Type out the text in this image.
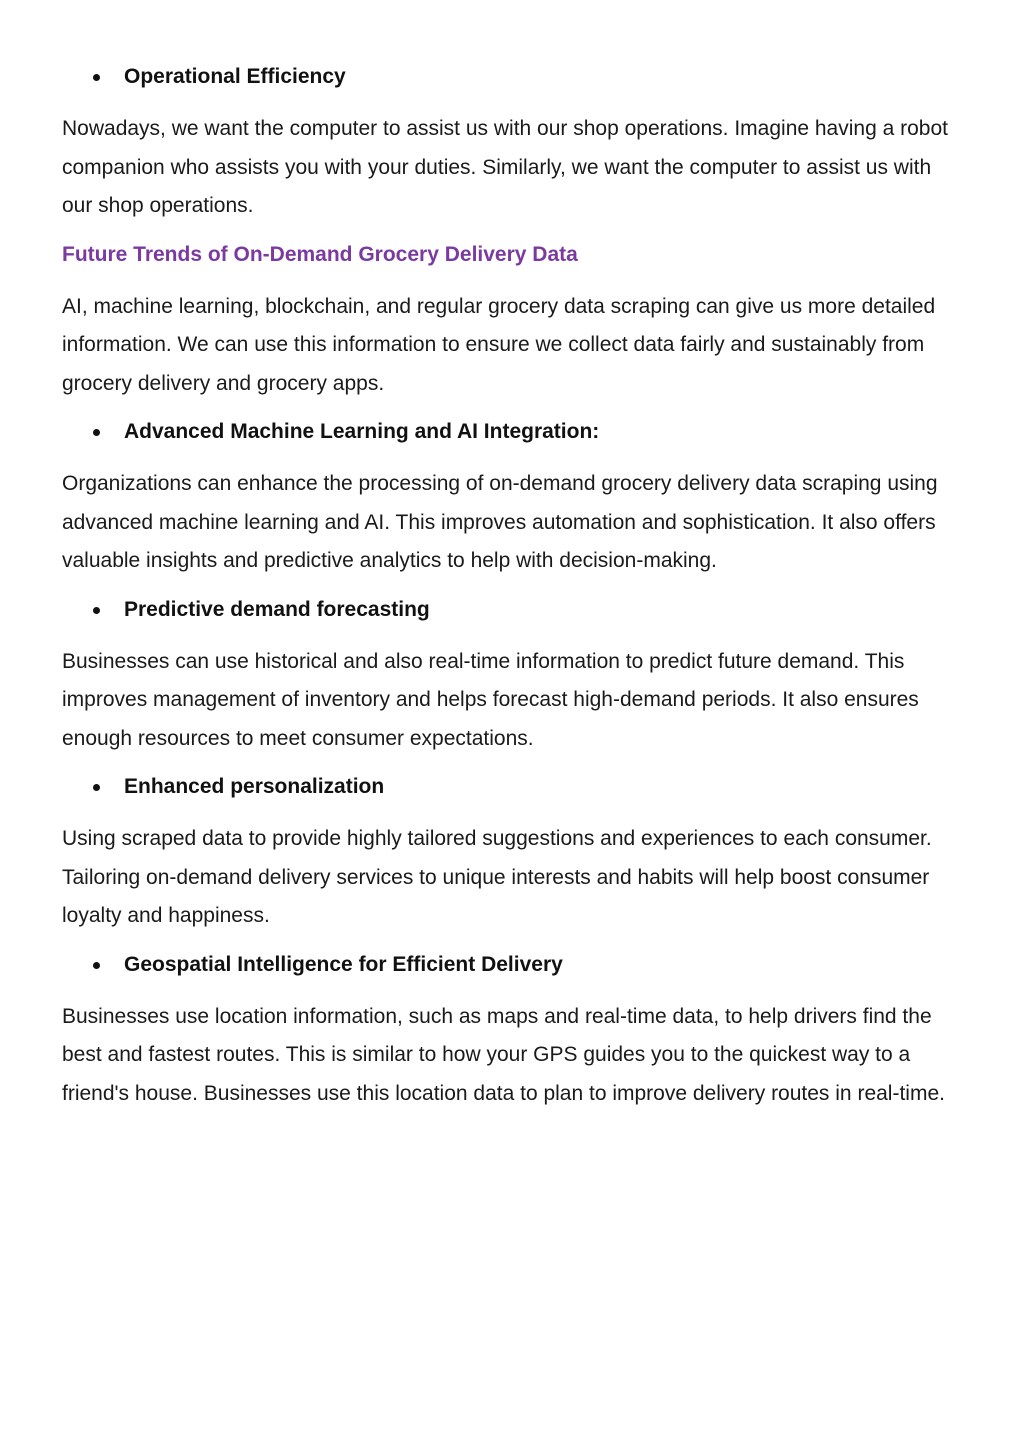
Operational Efficiency

Nowadays, we want the computer to assist us with our shop operations. Imagine having a robot companion who assists you with your duties. Similarly, we want the computer to assist us with our shop operations.

Future Trends of On-Demand Grocery Delivery Data

AI, machine learning, blockchain, and regular grocery data scraping can give us more detailed information. We can use this information to ensure we collect data fairly and sustainably from grocery delivery and grocery apps.

Advanced Machine Learning and AI Integration:

Organizations can enhance the processing of on-demand grocery delivery data scraping using advanced machine learning and AI. This improves automation and sophistication. It also offers valuable insights and predictive analytics to help with decision-making.

Predictive demand forecasting

Businesses can use historical and also real-time information to predict future demand. This improves management of inventory and helps forecast high-demand periods. It also ensures enough resources to meet consumer expectations.

Enhanced personalization

Using scraped data to provide highly tailored suggestions and experiences to each consumer. Tailoring on-demand delivery services to unique interests and habits will help boost consumer loyalty and happiness.

Geospatial Intelligence for Efficient Delivery

Businesses use location information, such as maps and real-time data, to help drivers find the best and fastest routes. This is similar to how your GPS guides you to the quickest way to a friend's house. Businesses use this location data to plan to improve delivery routes in real-time.
